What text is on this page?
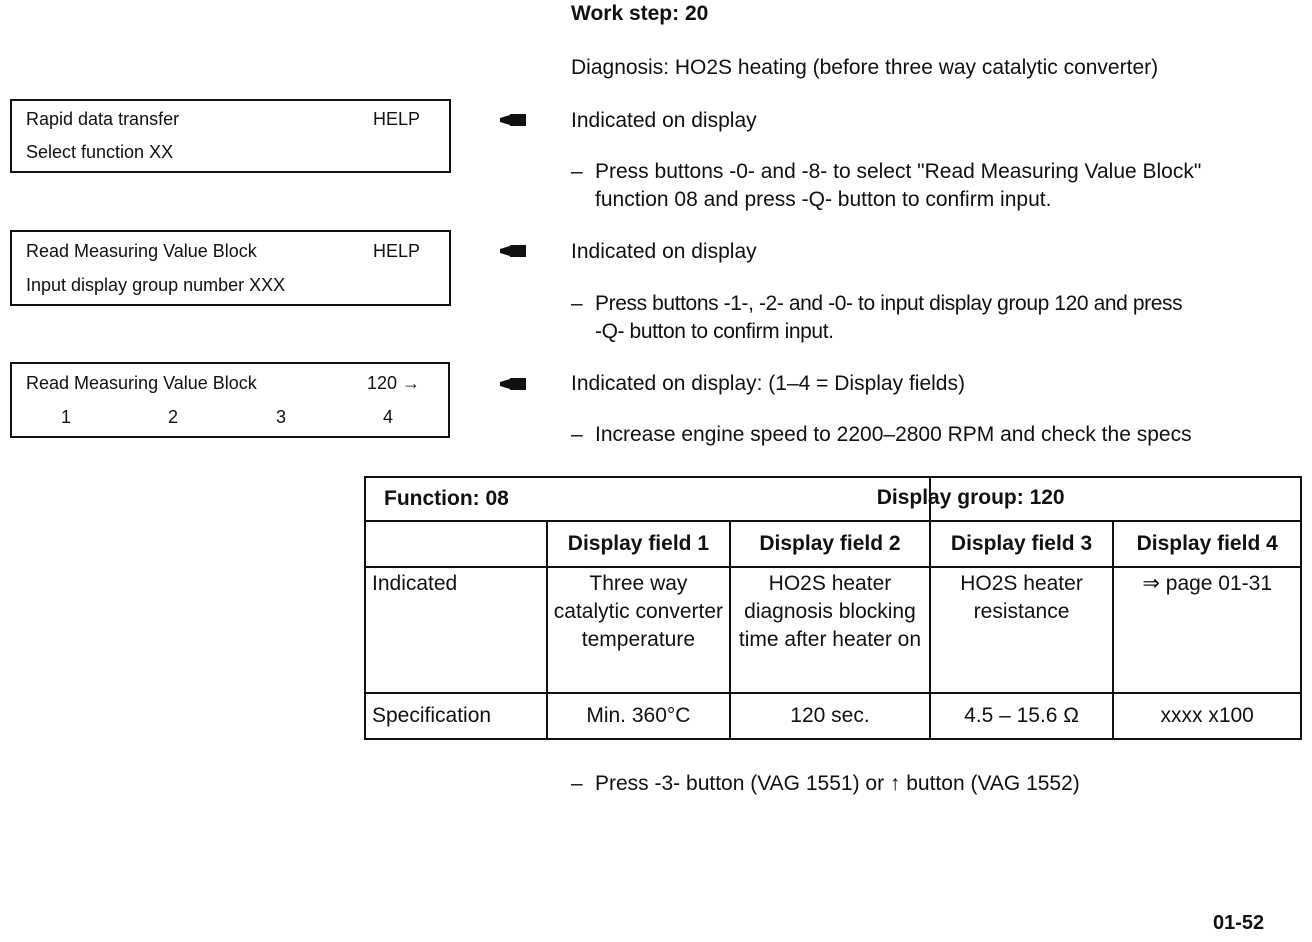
Work step: 20
Diagnosis: HO2S heating (before three way catalytic converter)
Rapid data transfer	HELP
Select function XX
Read Measuring Value Block	HELP
Input display group number XXX
Read Measuring Value Block	120 →
1	2	3	4
Indicated on display
Indicated on display
Indicated on display: (1–4 = Display fields)
– Press buttons -0- and -8- to select "Read Measuring Value Block"
function 08 and press -Q- button to confirm input.
– Press buttons -1-, -2- and -0- to input display group 120 and press
-Q- button to confirm input.
– Increase engine speed to 2200–2800 RPM and check the specs
Function: 08			Display group: 120	

	Display field 1	Display field 2	Display field 3	Display field 4
Indicated	Three way catalytic converter temperature	HO2S heater diagnosis blocking time after heater on	HO2S heater resistance	⇒ page 01-31
Specification	Min. 360°C	120 sec.	4.5 – 15.6 Ω	xxxx x100
– Press -3- button (VAG 1551) or ↑ button (VAG 1552)
01-52
